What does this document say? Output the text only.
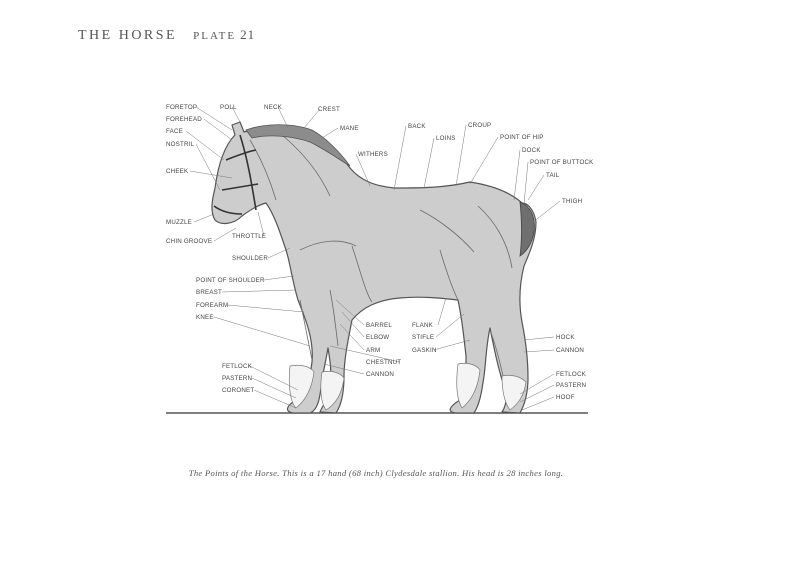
THE HORSE PLATE 21
FORETOP	POLL	NECK	CREST
FOREHEAD
MANE
FACE
NOSTRIL
BACK	CROUP
LOINS	POINT OF HIP
WITHERS
DOCK
POINT OF BUTTOCK
CHEEK
TAIL
THIGH
MUZZLE
THROTTLE
CHIN GROOVE
SHOULDER
POINT OF SHOULDER
BREAST
FOREARM
KNEE
BARREL	FLANK
ELBOW	STIFLE	HOCK
ARM	GASKIN	CANNON
CHESTNUT
CANNON
FETLOCK
FETLOCK
PASTERN
PASTERN
CORONET
HOOF
The Points of the Horse. This is a 17 hand (68 inch) Clydesdale stallion. His head is 28 inches long.
